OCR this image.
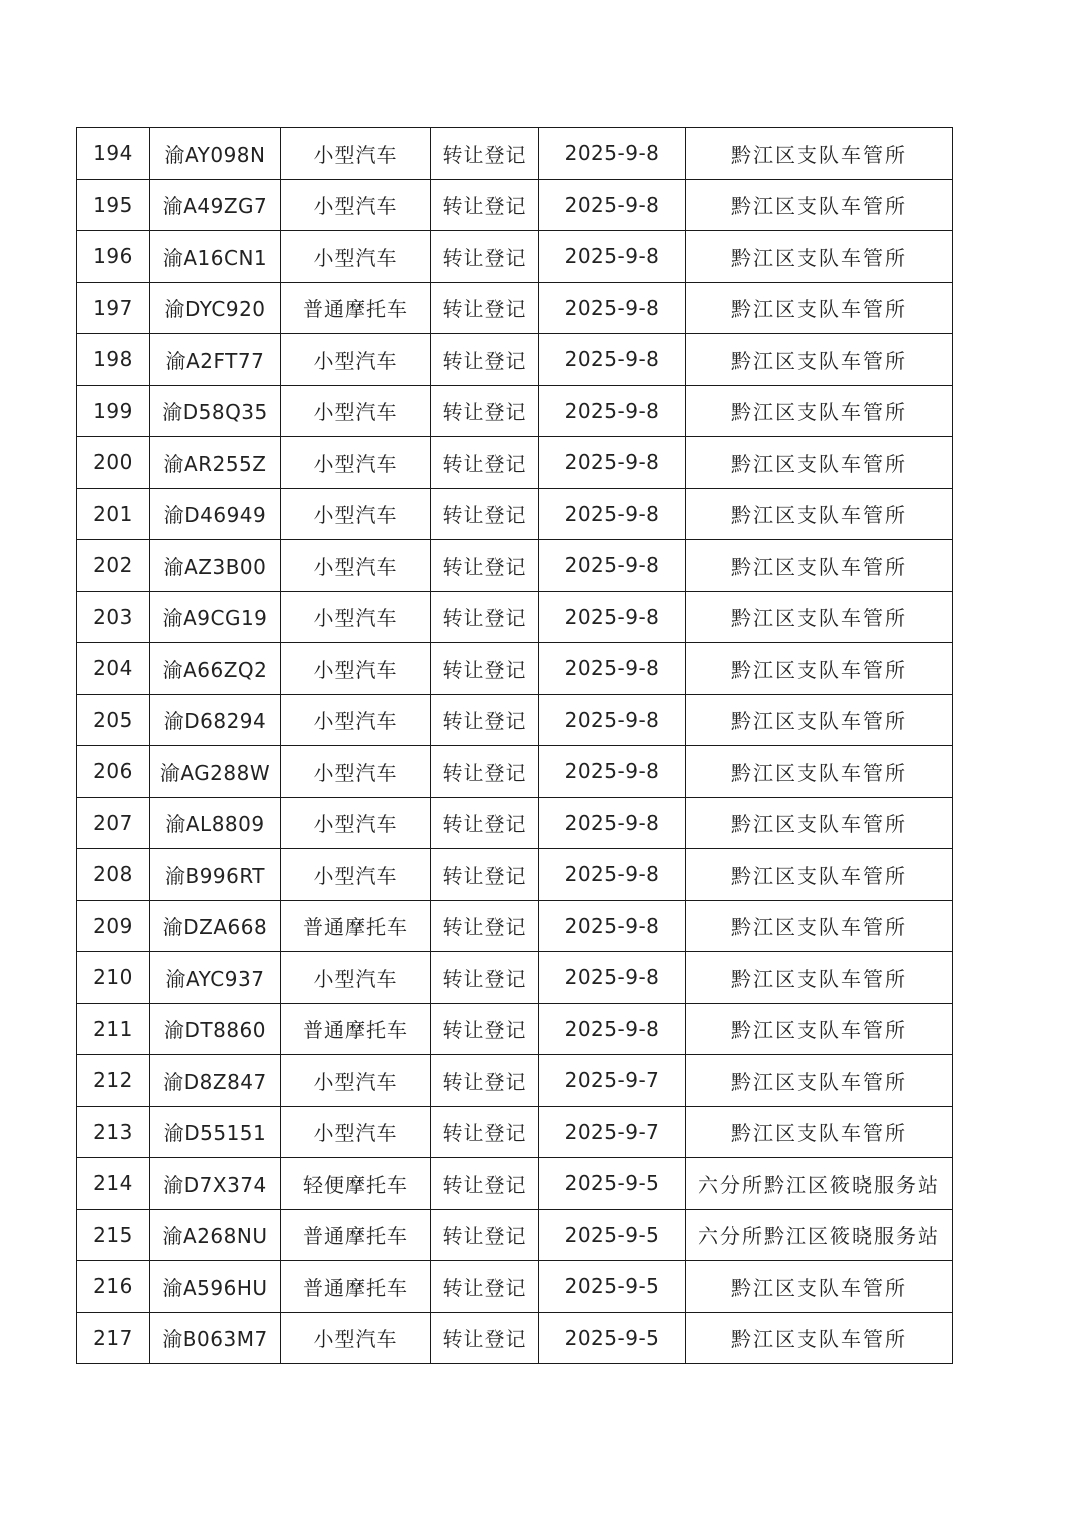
194	渝AY098N	小型汽车	转让登记	2025-9-8	黔江区支队车管所
195	渝A49ZG7	小型汽车	转让登记	2025-9-8	黔江区支队车管所
196	渝A16CN1	小型汽车	转让登记	2025-9-8	黔江区支队车管所
197	渝DYC920	普通摩托车	转让登记	2025-9-8	黔江区支队车管所
198	渝A2FT77	小型汽车	转让登记	2025-9-8	黔江区支队车管所
199	渝D58Q35	小型汽车	转让登记	2025-9-8	黔江区支队车管所
200	渝AR255Z	小型汽车	转让登记	2025-9-8	黔江区支队车管所
201	渝D46949	小型汽车	转让登记	2025-9-8	黔江区支队车管所
202	渝AZ3B00	小型汽车	转让登记	2025-9-8	黔江区支队车管所
203	渝A9CG19	小型汽车	转让登记	2025-9-8	黔江区支队车管所
204	渝A66ZQ2	小型汽车	转让登记	2025-9-8	黔江区支队车管所
205	渝D68294	小型汽车	转让登记	2025-9-8	黔江区支队车管所
206	渝AG288W	小型汽车	转让登记	2025-9-8	黔江区支队车管所
207	渝AL8809	小型汽车	转让登记	2025-9-8	黔江区支队车管所
208	渝B996RT	小型汽车	转让登记	2025-9-8	黔江区支队车管所
209	渝DZA668	普通摩托车	转让登记	2025-9-8	黔江区支队车管所
210	渝AYC937	小型汽车	转让登记	2025-9-8	黔江区支队车管所
211	渝DT8860	普通摩托车	转让登记	2025-9-8	黔江区支队车管所
212	渝D8Z847	小型汽车	转让登记	2025-9-7	黔江区支队车管所
213	渝D55151	小型汽车	转让登记	2025-9-7	黔江区支队车管所
214	渝D7X374	轻便摩托车	转让登记	2025-9-5	六分所黔江区筱晓服务站
215	渝A268NU	普通摩托车	转让登记	2025-9-5	六分所黔江区筱晓服务站
216	渝A596HU	普通摩托车	转让登记	2025-9-5	黔江区支队车管所
217	渝B063M7	小型汽车	转让登记	2025-9-5	黔江区支队车管所
